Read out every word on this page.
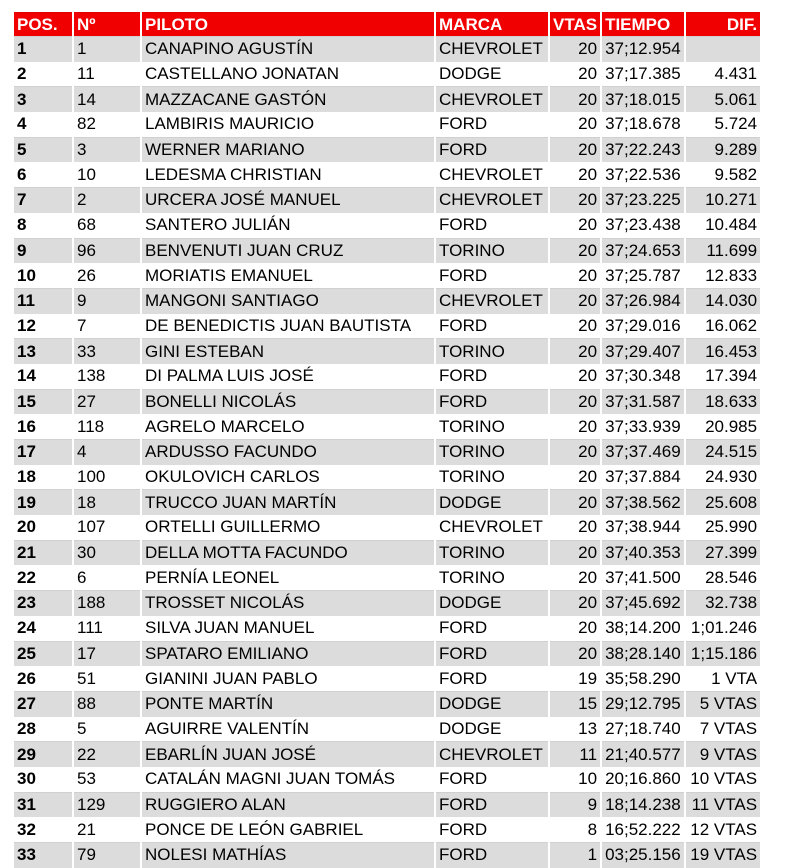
POS.	Nº	PILOTO	MARCA	VTAS	TIEMPO	DIF.
1	1	CANAPINO AGUSTÍN	CHEVROLET	20	37;12.954	
2	11	CASTELLANO JONATAN	DODGE	20	37;17.385	4.431
3	14	MAZZACANE GASTÓN	CHEVROLET	20	37;18.015	5.061
4	82	LAMBIRIS MAURICIO	FORD	20	37;18.678	5.724
5	3	WERNER MARIANO	FORD	20	37;22.243	9.289
6	10	LEDESMA CHRISTIAN	CHEVROLET	20	37;22.536	9.582
7	2	URCERA JOSÉ MANUEL	CHEVROLET	20	37;23.225	10.271
8	68	SANTERO JULIÁN	FORD	20	37;23.438	10.484
9	96	BENVENUTI JUAN CRUZ	TORINO	20	37;24.653	11.699
10	26	MORIATIS EMANUEL	FORD	20	37;25.787	12.833
11	9	MANGONI SANTIAGO	CHEVROLET	20	37;26.984	14.030
12	7	DE BENEDICTIS JUAN BAUTISTA	FORD	20	37;29.016	16.062
13	33	GINI ESTEBAN	TORINO	20	37;29.407	16.453
14	138	DI PALMA LUIS JOSÉ	FORD	20	37;30.348	17.394
15	27	BONELLI NICOLÁS	FORD	20	37;31.587	18.633
16	118	AGRELO MARCELO	TORINO	20	37;33.939	20.985
17	4	ARDUSSO FACUNDO	TORINO	20	37;37.469	24.515
18	100	OKULOVICH CARLOS	TORINO	20	37;37.884	24.930
19	18	TRUCCO JUAN MARTÍN	DODGE	20	37;38.562	25.608
20	107	ORTELLI GUILLERMO	CHEVROLET	20	37;38.944	25.990
21	30	DELLA MOTTA FACUNDO	TORINO	20	37;40.353	27.399
22	6	PERNÍA LEONEL	TORINO	20	37;41.500	28.546
23	188	TROSSET NICOLÁS	DODGE	20	37;45.692	32.738
24	111	SILVA JUAN MANUEL	FORD	20	38;14.200	1;01.246
25	17	SPATARO EMILIANO	FORD	20	38;28.140	1;15.186
26	51	GIANINI JUAN PABLO	FORD	19	35;58.290	1 VTA
27	88	PONTE MARTÍN	DODGE	15	29;12.795	5 VTAS
28	5	AGUIRRE VALENTÍN	DODGE	13	27;18.740	7 VTAS
29	22	EBARLÍN JUAN JOSÉ	CHEVROLET	11	21;40.577	9 VTAS
30	53	CATALÁN MAGNI JUAN TOMÁS	FORD	10	20;16.860	10 VTAS
31	129	RUGGIERO ALAN	FORD	9	18;14.238	11 VTAS
32	21	PONCE DE LEÓN GABRIEL	FORD	8	16;52.222	12 VTAS
33	79	NOLESI MATHÍAS	FORD	1	03;25.156	19 VTAS
